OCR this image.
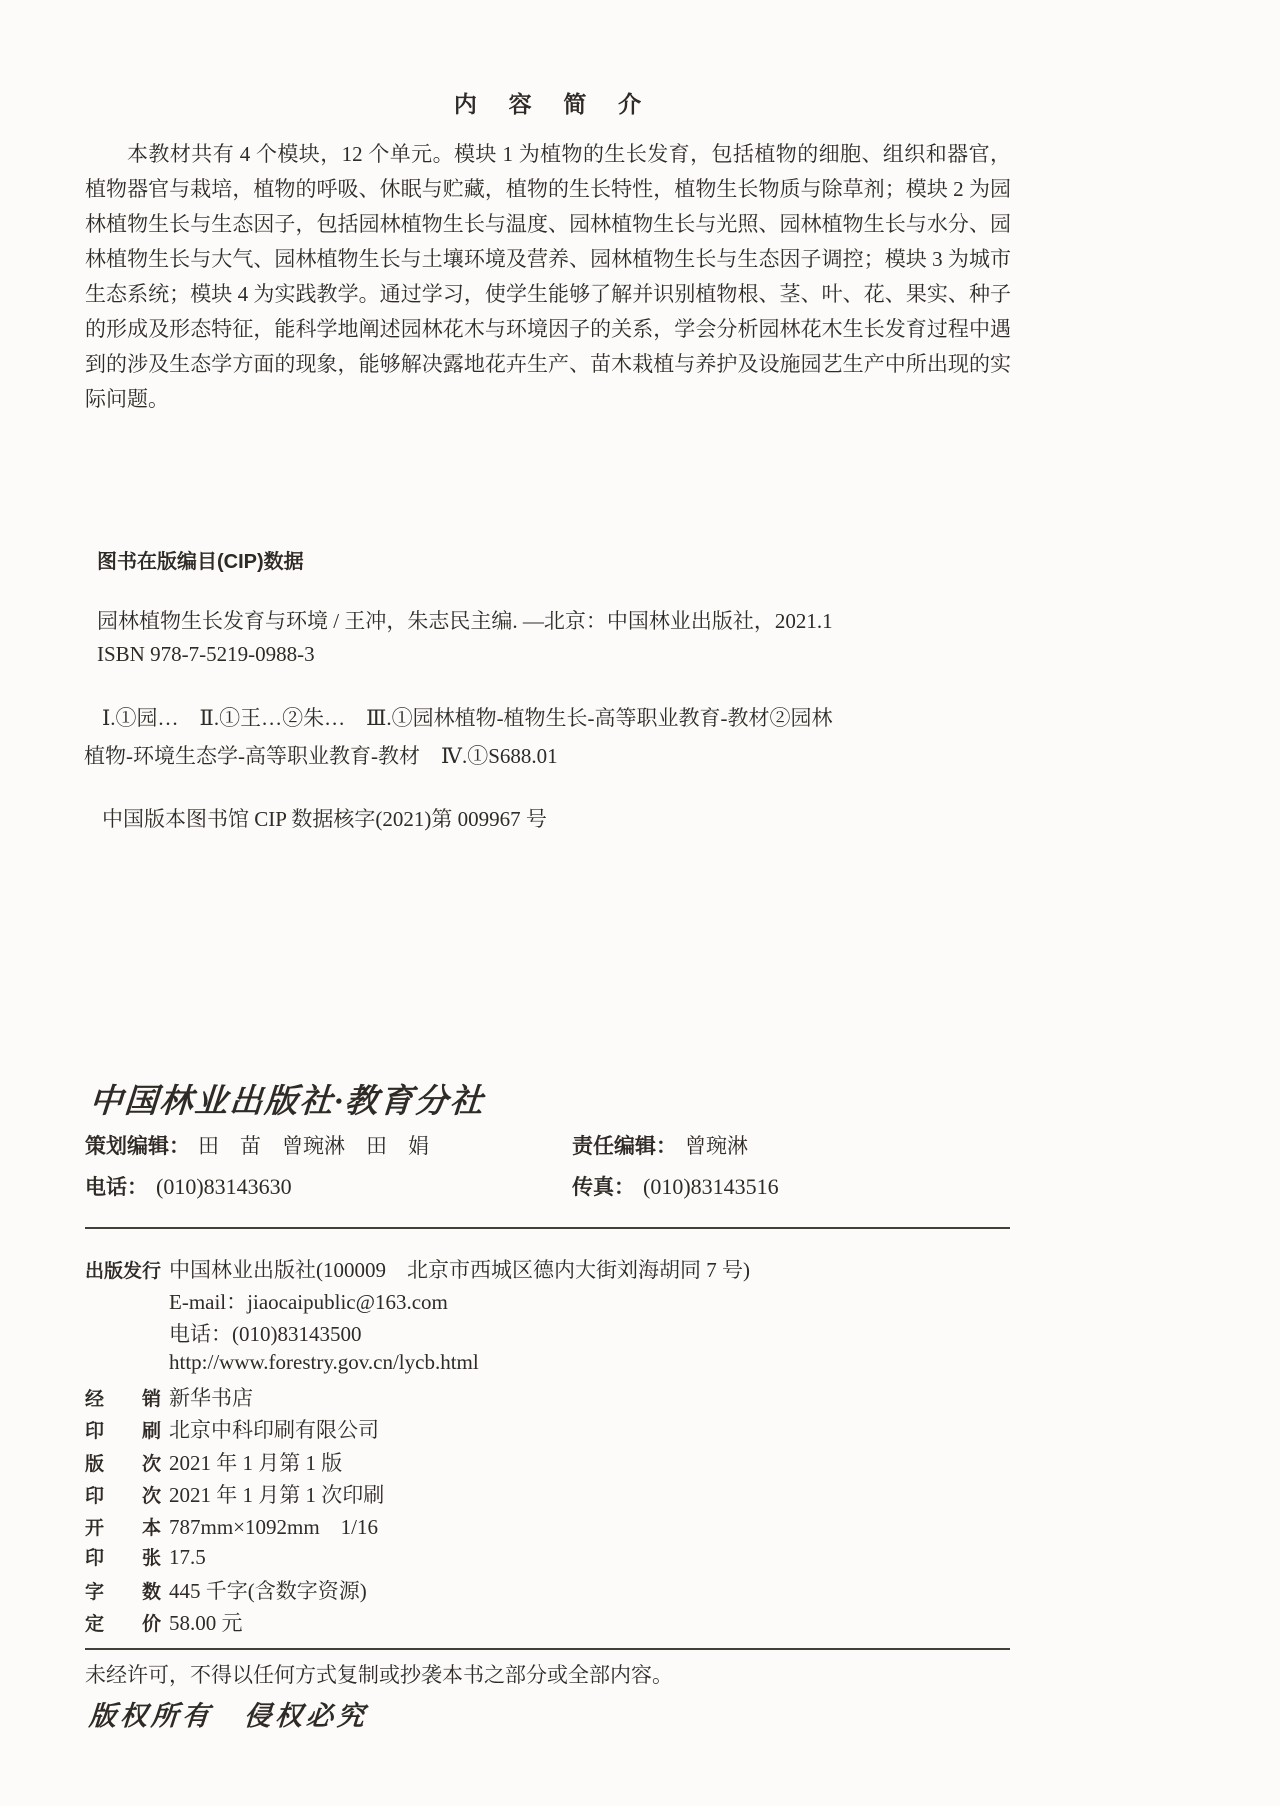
内 容 简 介
本教材共有 4 个模块，12 个单元。模块 1 为植物的生长发育，包括植物的细胞、组织和器官，植物器官与栽培，植物的呼吸、休眠与贮藏，植物的生长特性，植物生长物质与除草剂；模块 2 为园林植物生长与生态因子，包括园林植物生长与温度、园林植物生长与光照、园林植物生长与水分、园林植物生长与大气、园林植物生长与土壤环境及营养、园林植物生长与生态因子调控；模块 3 为城市生态系统；模块 4 为实践教学。通过学习，使学生能够了解并识别植物根、茎、叶、花、果实、种子的形成及形态特征，能科学地阐述园林花木与环境因子的关系，学会分析园林花木生长发育过程中遇到的涉及生态学方面的现象，能够解决露地花卉生产、苗木栽植与养护及设施园艺生产中所出现的实际问题。
图书在版编目(CIP)数据
园林植物生长发育与环境 / 王冲，朱志民主编. —北京：中国林业出版社，2021.1
ISBN 978-7-5219-0988-3
Ⅰ.①园…　Ⅱ.①王…②朱…　Ⅲ.①园林植物-植物生长-高等职业教育-教材②园林
植物-环境生态学-高等职业教育-教材　Ⅳ.①S688.01
中国版本图书馆 CIP 数据核字(2021)第 009967 号
中国林业出版社·教育分社
策划编辑： 田　苗　曾琬淋　田　娟	责任编辑： 曾琬淋
电话： (010)83143630	传真： (010)83143516
出版发行 中国林业出版社(100009　北京市西城区德内大街刘海胡同 7 号)
E-mail：jiaocaipublic@163.com
电话：(010)83143500
http://www.forestry.gov.cn/lycb.html
经　　销 新华书店
印　　刷 北京中科印刷有限公司
版　　次 2021 年 1 月第 1 版
印　　次 2021 年 1 月第 1 次印刷
开　　本 787mm×1092mm　1/16
印　　张 17.5
字　　数 445 千字(含数字资源)
定　　价 58.00 元
未经许可，不得以任何方式复制或抄袭本书之部分或全部内容。
版权所有　侵权必究
